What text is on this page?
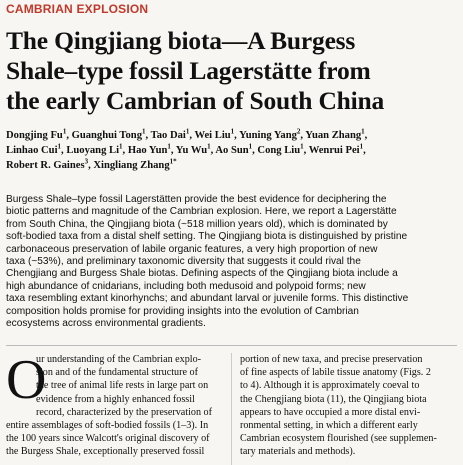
CAMBRIAN EXPLOSION
The Qingjiang biota—A Burgess
Shale–type fossil Lagerstätte from
the early Cambrian of South China
Dongjing Fu$^1$, Guanghui Tong$^1$, Tao Dai$^1$, Wei Liu$^1$, Yuning Yang$^2$, Yuan Zhang$^1$,
Linhao Cui$^1$, Luoyang Li$^1$, Hao Yun$^1$, Yu Wu$^1$, Ao Sun$^1$, Cong Liu$^1$, Wenrui Pei$^1$,
Robert R. Gaines$^3$, Xingliang Zhang$^{1*}$
Burgess Shale–type fossil Lagerstätten provide the best evidence for deciphering the
biotic patterns and magnitude of the Cambrian explosion. Here, we report a Lagerstätte
from South China, the Qingjiang biota (~518 million years old), which is dominated by
soft-bodied taxa from a distal shelf setting. The Qingjiang biota is distinguished by pristine
carbonaceous preservation of labile organic features, a very high proportion of new
taxa (~53%), and preliminary taxonomic diversity that suggests it could rival the
Chengjiang and Burgess Shale biotas. Defining aspects of the Qingjiang biota include a
high abundance of cnidarians, including both medusoid and polypoid forms; new
taxa resembling extant kinorhynchs; and abundant larval or juvenile forms. This distinctive
composition holds promise for providing insights into the evolution of Cambrian
ecosystems across environmental gradients.
O
ur understanding of the Cambrian explo-
sion and of the fundamental structure of
the tree of animal life rests in large part on
evidence from a highly enhanced fossil
record, characterized by the preservation of
entire assemblages of soft-bodied fossils (1–3). In
the 100 years since Walcott's original discovery of
the Burgess Shale, exceptionally preserved fossil
portion of new taxa, and precise preservation
of fine aspects of labile tissue anatomy (Figs. 2
to 4). Although it is approximately coeval to
the Chengjiang biota (11), the Qingjiang biota
appears to have occupied a more distal envi-
ronmental setting, in which a different early
Cambrian ecosystem flourished (see supplemen-
tary materials and methods).
